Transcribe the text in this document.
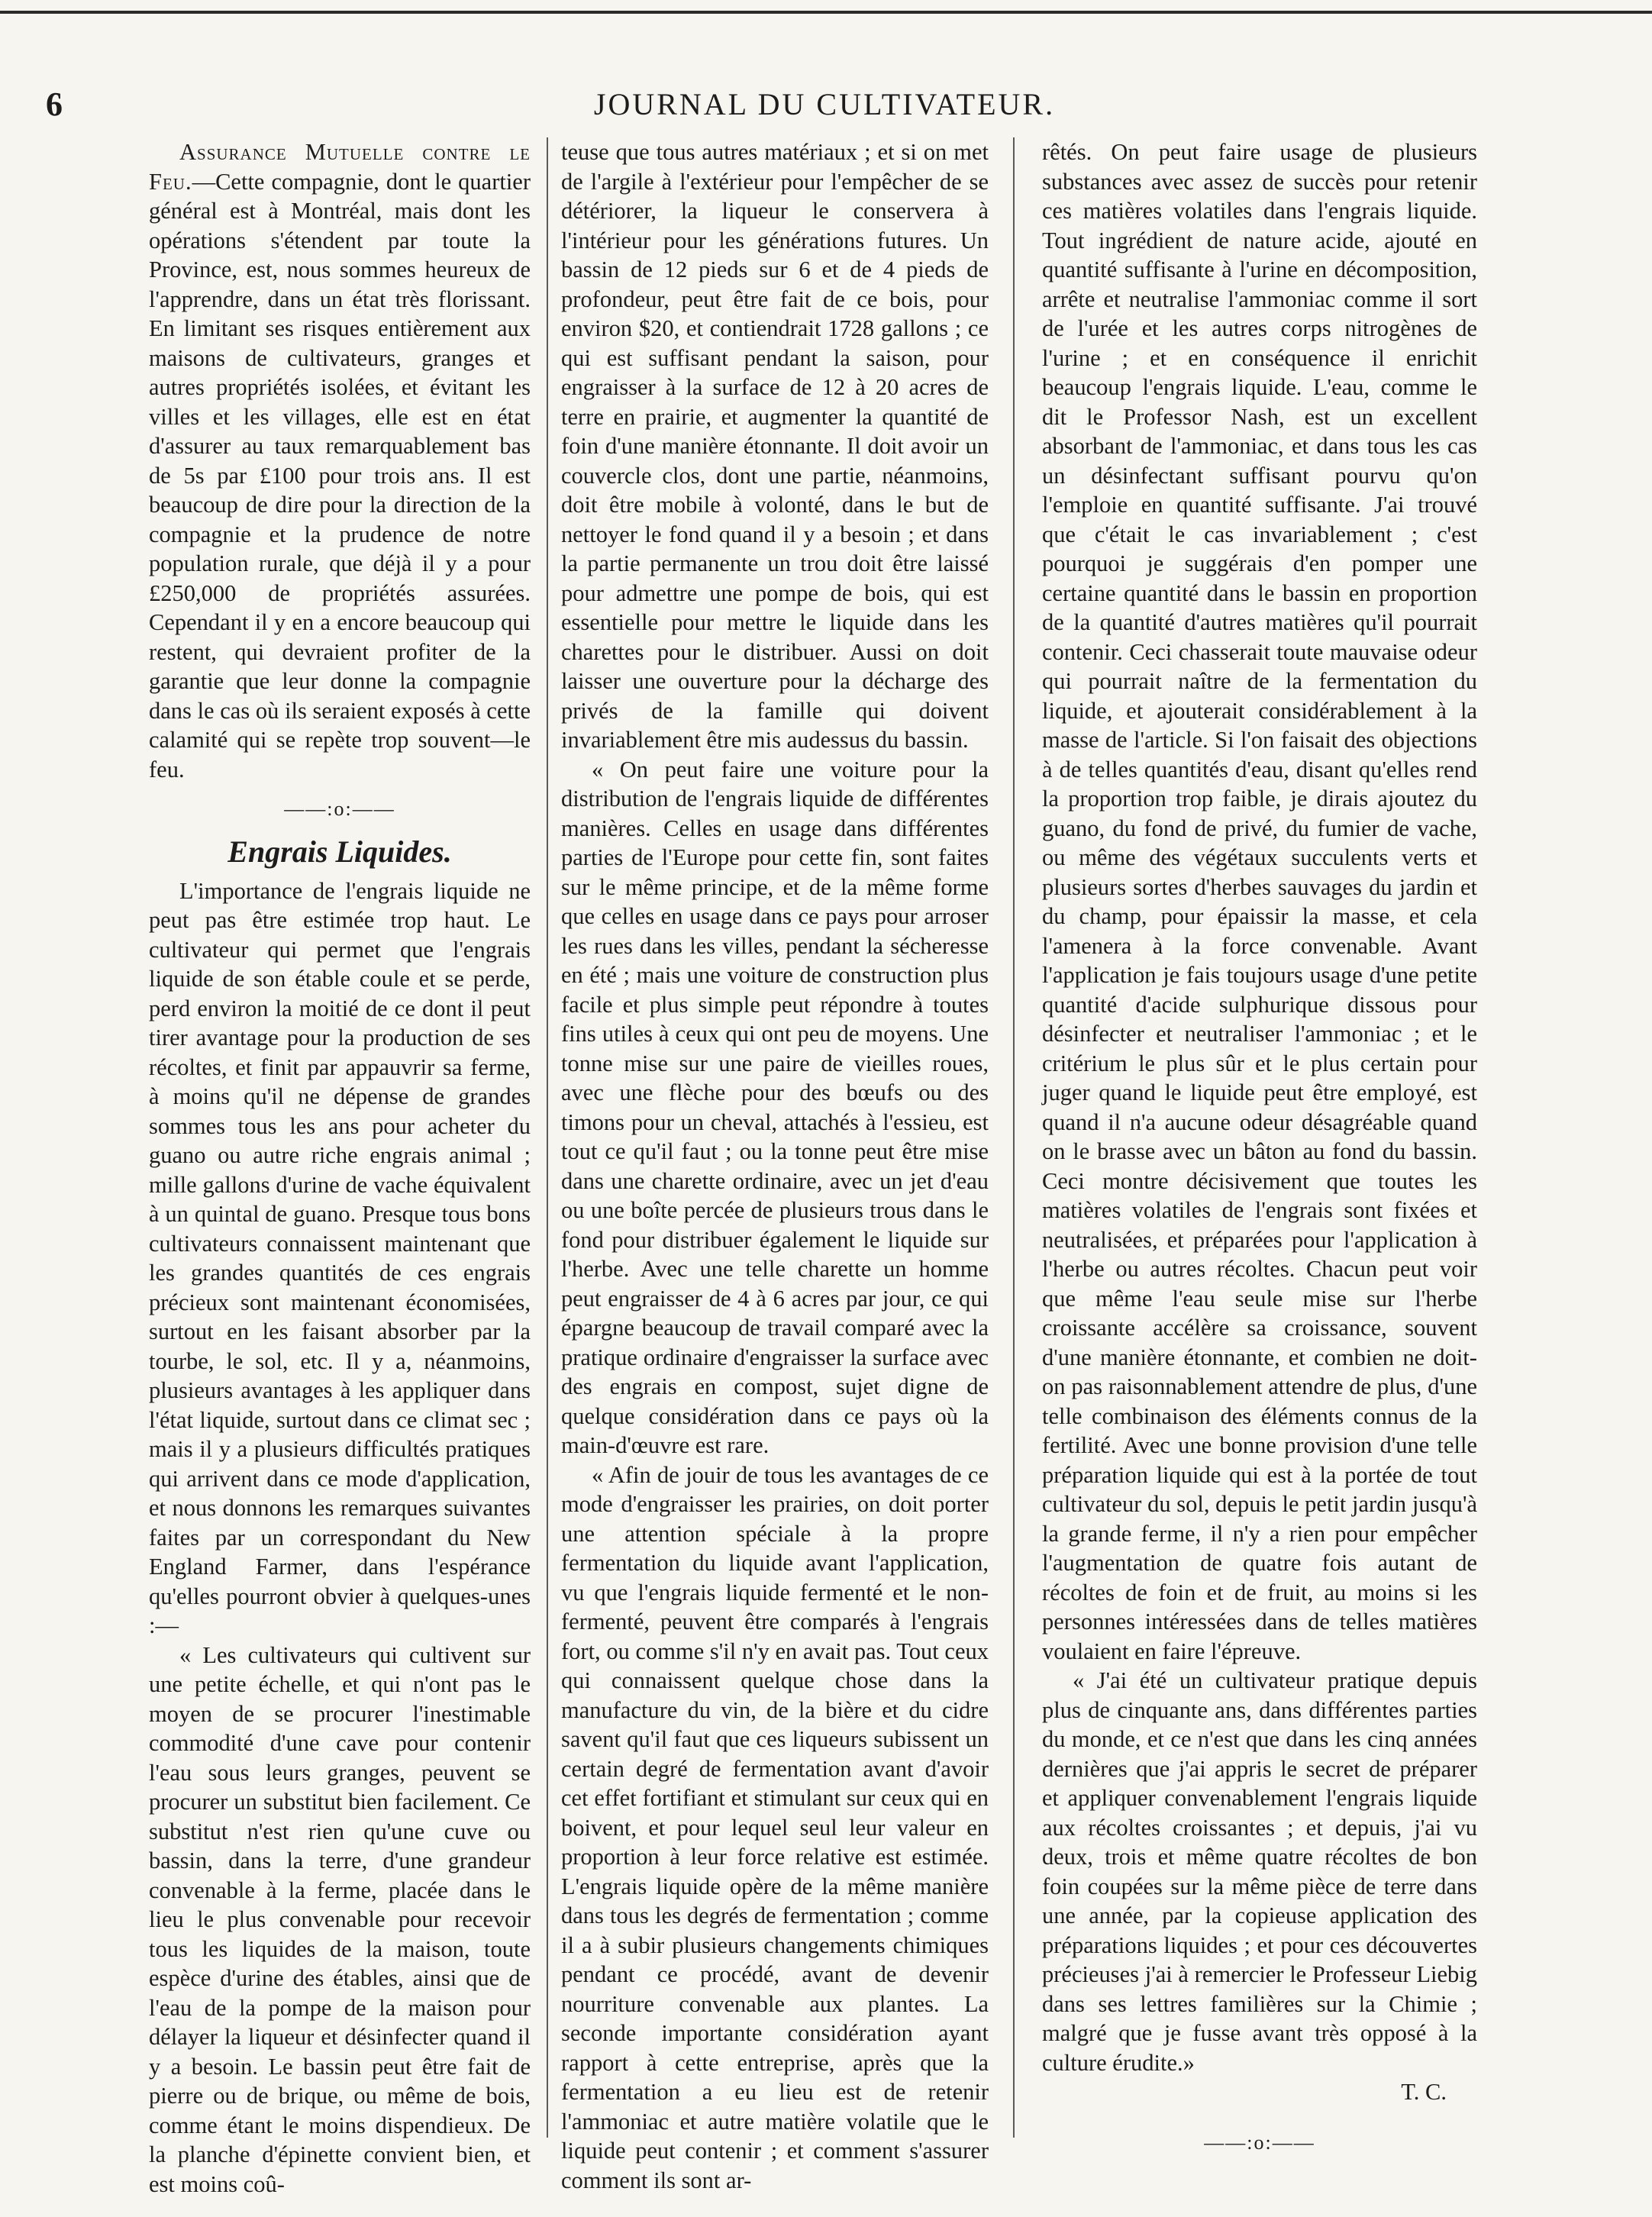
6	JOURNAL DU CULTIVATEUR.

Assurance Mutuelle contre le Feu.—Cette compagnie, dont le quartier général est à Montréal, mais dont les opérations s'étendent par toute la Province, est, nous sommes heureux de l'apprendre, dans un état très florissant. En limitant ses risques entièrement aux maisons de cultivateurs, granges et autres propriétés isolées, et évitant les villes et les villages, elle est en état d'assurer au taux remarquablement bas de 5s par £100 pour trois ans. Il est beaucoup de dire pour la direction de la compagnie et la prudence de notre population rurale, que déjà il y a pour £250,000 de propriétés assurées. Cependant il y en a encore beaucoup qui restent, qui devraient profiter de la garantie que leur donne la compagnie dans le cas où ils seraient exposés à cette calamité qui se repète trop souvent—le feu.

——:o:——
Engrais Liquides.

L'importance de l'engrais liquide ne peut pas être estimée trop haut. Le cultivateur qui permet que l'engrais liquide de son étable coule et se perde, perd environ la moitié de ce dont il peut tirer avantage pour la production de ses récoltes, et finit par appauvrir sa ferme, à moins qu'il ne dépense de grandes sommes tous les ans pour acheter du guano ou autre riche engrais animal ; mille gallons d'urine de vache équivalent à un quintal de guano. Presque tous bons cultivateurs connaissent maintenant que les grandes quantités de ces engrais précieux sont maintenant économisées, surtout en les faisant absorber par la tourbe, le sol, etc. Il y a, néanmoins, plusieurs avantages à les appliquer dans l'état liquide, surtout dans ce climat sec ; mais il y a plusieurs difficultés pratiques qui arrivent dans ce mode d'application, et nous donnons les remarques suivantes faites par un correspondant du New England Farmer, dans l'espérance qu'elles pourront obvier à quelques-unes :—

« Les cultivateurs qui cultivent sur une petite échelle, et qui n'ont pas le moyen de se procurer l'inestimable commodité d'une cave pour contenir l'eau sous leurs granges, peuvent se procurer un substitut bien facilement. Ce substitut n'est rien qu'une cuve ou bassin, dans la terre, d'une grandeur convenable à la ferme, placée dans le lieu le plus convenable pour recevoir tous les liquides de la maison, toute espèce d'urine des étables, ainsi que de l'eau de la pompe de la maison pour délayer la liqueur et désinfecter quand il y a besoin. Le bassin peut être fait de pierre ou de brique, ou même de bois, comme étant le moins dispendieux. De la planche d'épinette convient bien, et est moins coû-

teuse que tous autres matériaux ; et si on met de l'argile à l'extérieur pour l'empêcher de se détériorer, la liqueur le conservera à l'intérieur pour les générations futures. Un bassin de 12 pieds sur 6 et de 4 pieds de profondeur, peut être fait de ce bois, pour environ $20, et contiendrait 1728 gallons ; ce qui est suffisant pendant la saison, pour engraisser à la surface de 12 à 20 acres de terre en prairie, et augmenter la quantité de foin d'une manière étonnante. Il doit avoir un couvercle clos, dont une partie, néanmoins, doit être mobile à volonté, dans le but de nettoyer le fond quand il y a besoin ; et dans la partie permanente un trou doit être laissé pour admettre une pompe de bois, qui est essentielle pour mettre le liquide dans les charettes pour le distribuer. Aussi on doit laisser une ouverture pour la décharge des privés de la famille qui doivent invariablement être mis audessus du bassin.

« On peut faire une voiture pour la distribution de l'engrais liquide de différentes manières. Celles en usage dans différentes parties de l'Europe pour cette fin, sont faites sur le même principe, et de la même forme que celles en usage dans ce pays pour arroser les rues dans les villes, pendant la sécheresse en été ; mais une voiture de construction plus facile et plus simple peut répondre à toutes fins utiles à ceux qui ont peu de moyens. Une tonne mise sur une paire de vieilles roues, avec une flèche pour des bœufs ou des timons pour un cheval, attachés à l'essieu, est tout ce qu'il faut ; ou la tonne peut être mise dans une charette ordinaire, avec un jet d'eau ou une boîte percée de plusieurs trous dans le fond pour distribuer également le liquide sur l'herbe. Avec une telle charette un homme peut engraisser de 4 à 6 acres par jour, ce qui épargne beaucoup de travail comparé avec la pratique ordinaire d'engraisser la surface avec des engrais en compost, sujet digne de quelque considération dans ce pays où la main-d'œuvre est rare.

« Afin de jouir de tous les avantages de ce mode d'engraisser les prairies, on doit porter une attention spéciale à la propre fermentation du liquide avant l'application, vu que l'engrais liquide fermenté et le non-fermenté, peuvent être comparés à l'engrais fort, ou comme s'il n'y en avait pas. Tout ceux qui connaissent quelque chose dans la manufacture du vin, de la bière et du cidre savent qu'il faut que ces liqueurs subissent un certain degré de fermentation avant d'avoir cet effet fortifiant et stimulant sur ceux qui en boivent, et pour lequel seul leur valeur en proportion à leur force relative est estimée. L'engrais liquide opère de la même manière dans tous les degrés de fermentation ; comme il a à subir plusieurs changements chimiques pendant ce procédé, avant de devenir nourriture convenable aux plantes. La seconde importante considération ayant rapport à cette entreprise, après que la fermentation a eu lieu est de retenir l'ammoniac et autre matière volatile que le liquide peut contenir ; et comment s'assurer comment ils sont ar-

rêtés. On peut faire usage de plusieurs substances avec assez de succès pour retenir ces matières volatiles dans l'engrais liquide. Tout ingrédient de nature acide, ajouté en quantité suffisante à l'urine en décomposition, arrête et neutralise l'ammoniac comme il sort de l'urée et les autres corps nitrogènes de l'urine ; et en conséquence il enrichit beaucoup l'engrais liquide. L'eau, comme le dit le Professor Nash, est un excellent absorbant de l'ammoniac, et dans tous les cas un désinfectant suffisant pourvu qu'on l'emploie en quantité suffisante. J'ai trouvé que c'était le cas invariablement ; c'est pourquoi je suggérais d'en pomper une certaine quantité dans le bassin en proportion de la quantité d'autres matières qu'il pourrait contenir. Ceci chasserait toute mauvaise odeur qui pourrait naître de la fermentation du liquide, et ajouterait considérablement à la masse de l'article. Si l'on faisait des objections à de telles quantités d'eau, disant qu'elles rend la proportion trop faible, je dirais ajoutez du guano, du fond de privé, du fumier de vache, ou même des végétaux succulents verts et plusieurs sortes d'herbes sauvages du jardin et du champ, pour épaissir la masse, et cela l'amenera à la force convenable. Avant l'application je fais toujours usage d'une petite quantité d'acide sulphurique dissous pour désinfecter et neutraliser l'ammoniac ; et le critérium le plus sûr et le plus certain pour juger quand le liquide peut être employé, est quand il n'a aucune odeur désagréable quand on le brasse avec un bâton au fond du bassin. Ceci montre décisivement que toutes les matières volatiles de l'engrais sont fixées et neutralisées, et préparées pour l'application à l'herbe ou autres récoltes. Chacun peut voir que même l'eau seule mise sur l'herbe croissante accélère sa croissance, souvent d'une manière étonnante, et combien ne doit-on pas raisonnablement attendre de plus, d'une telle combinaison des éléments connus de la fertilité. Avec une bonne provision d'une telle préparation liquide qui est à la portée de tout cultivateur du sol, depuis le petit jardin jusqu'à la grande ferme, il n'y a rien pour empêcher l'augmentation de quatre fois autant de récoltes de foin et de fruit, au moins si les personnes intéressées dans de telles matières voulaient en faire l'épreuve.

« J'ai été un cultivateur pratique depuis plus de cinquante ans, dans différentes parties du monde, et ce n'est que dans les cinq années dernières que j'ai appris le secret de préparer et appliquer convenablement l'engrais liquide aux récoltes croissantes ; et depuis, j'ai vu deux, trois et même quatre récoltes de bon foin coupées sur la même pièce de terre dans une année, par la copieuse application des préparations liquides ; et pour ces découvertes précieuses j'ai à remercier le Professeur Liebig dans ses lettres familières sur la Chimie ; malgré que je fusse avant très opposé à la culture érudite.»

T. C.
——:o:——
